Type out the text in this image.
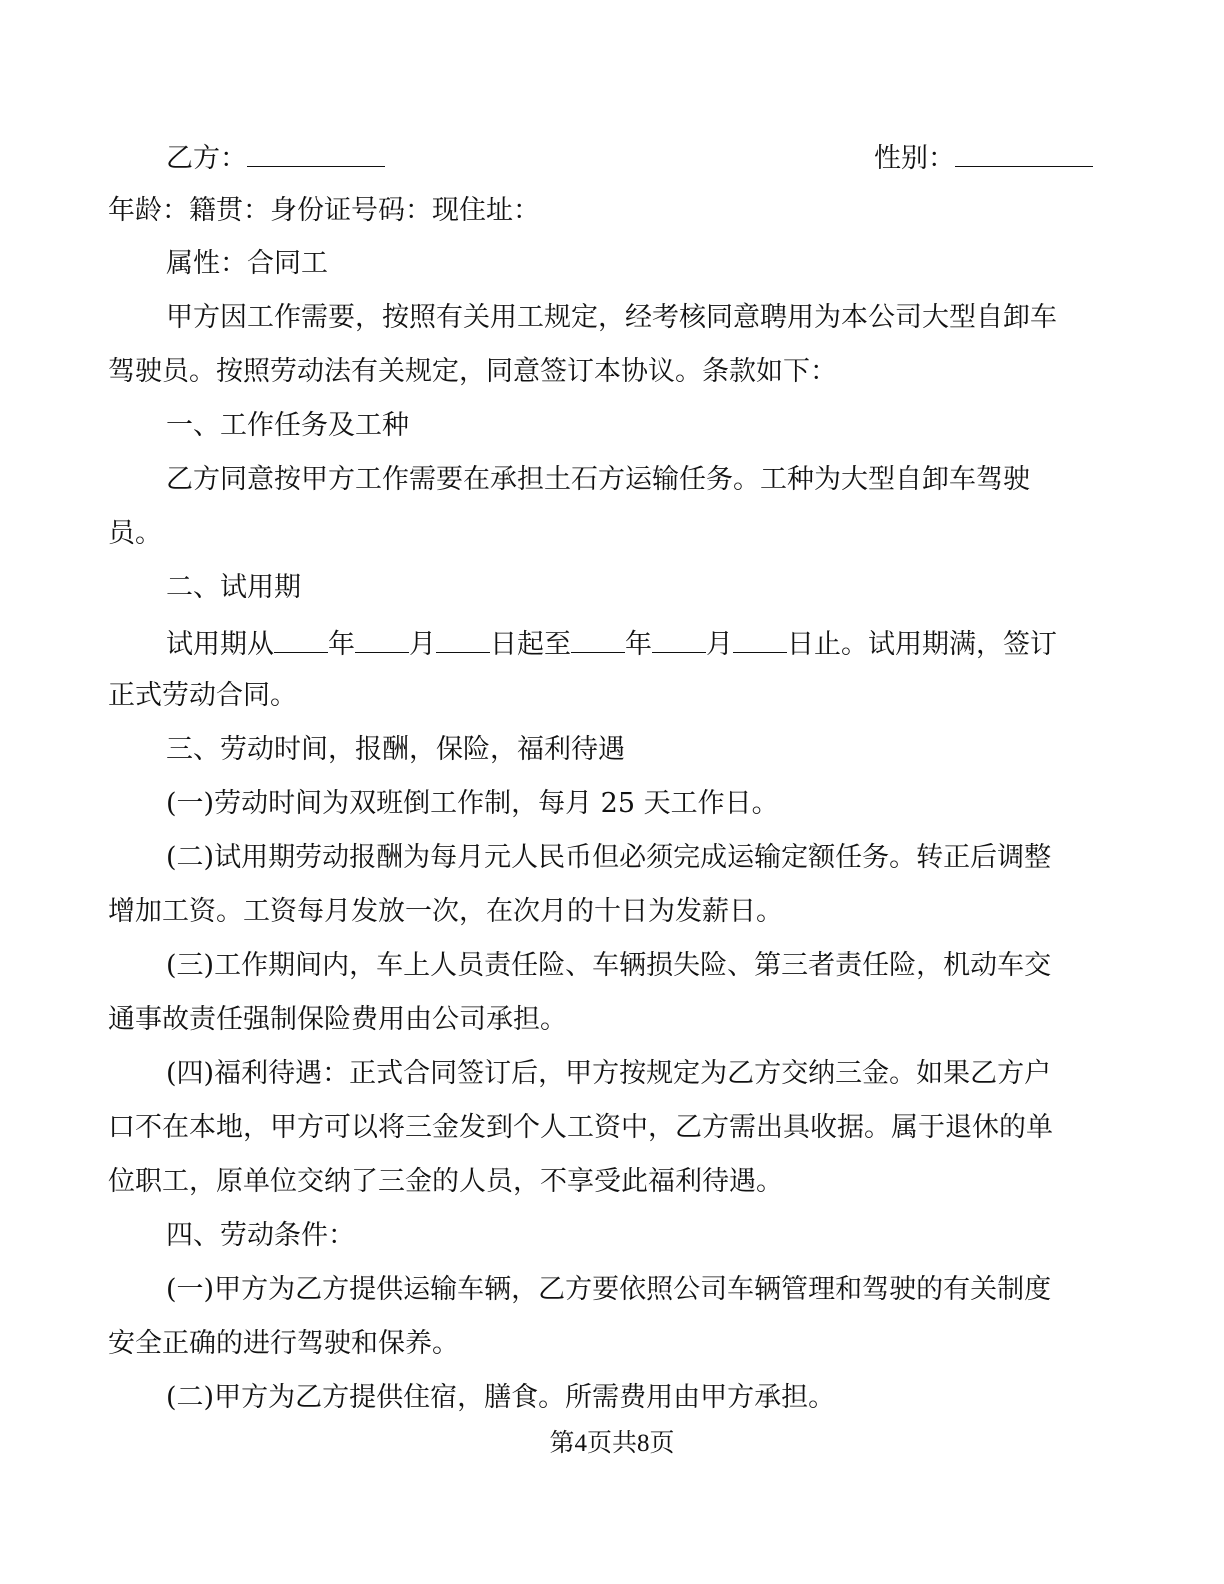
乙方：	性别：
年龄：籍贯：身份证号码：现住址：
属性：合同工
甲方因工作需要，按照有关用工规定，经考核同意聘用为本公司大型自卸车
驾驶员。按照劳动法有关规定，同意签订本协议。条款如下：
一、工作任务及工种
乙方同意按甲方工作需要在承担土石方运输任务。工种为大型自卸车驾驶
员。
二、试用期
试用期从 年 月 日起至 年 月 日止。试用期满，签订
正式劳动合同。
三、劳动时间，报酬，保险，福利待遇
(一)劳动时间为双班倒工作制，每月 25 天工作日。
(二)试用期劳动报酬为每月元人民币但必须完成运输定额任务。转正后调整
增加工资。工资每月发放一次，在次月的十日为发薪日。
(三)工作期间内，车上人员责任险、车辆损失险、第三者责任险，机动车交
通事故责任强制保险费用由公司承担。
(四)福利待遇：正式合同签订后，甲方按规定为乙方交纳三金。如果乙方户
口不在本地，甲方可以将三金发到个人工资中，乙方需出具收据。属于退休的单
位职工，原单位交纳了三金的人员，不享受此福利待遇。
四、劳动条件：
(一)甲方为乙方提供运输车辆，乙方要依照公司车辆管理和驾驶的有关制度
安全正确的进行驾驶和保养。
(二)甲方为乙方提供住宿，膳食。所需费用由甲方承担。
第4页共8页
